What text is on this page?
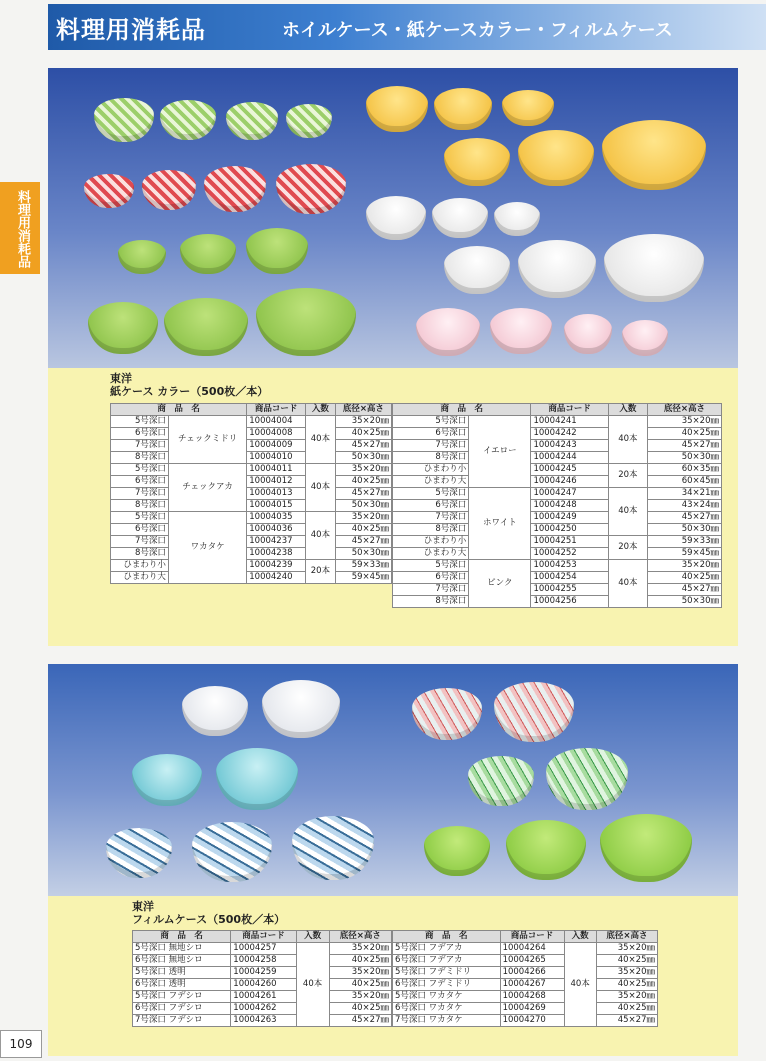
料理用消耗品	ホイルケース・紙ケースカラー・フィルムケース
料理用消耗品
東洋
紙ケース カラー（500枚／本）
商　品　名		商品コード	入数	底径×高さ
5号深口	チェックミドリ	10004004	40本	35×20㎜
6号深口		10004008		40×25㎜
7号深口		10004009		45×27㎜
8号深口		10004010		50×30㎜
5号深口	チェックアカ	10004011	40本	35×20㎜
6号深口		10004012		40×25㎜
7号深口		10004013		45×27㎜
8号深口		10004015		50×30㎜
5号深口	ワカタケ	10004035	40本	35×20㎜
6号深口		10004036		40×25㎜
7号深口		10004237		45×27㎜
8号深口		10004238		50×30㎜
ひまわり小		10004239	20本	59×33㎜
ひまわり大		10004240		59×45㎜
商　品　名		商品コード	入数	底径×高さ
5号深口	イエロー	10004241	40本	35×20㎜
6号深口		10004242		40×25㎜
7号深口		10004243		45×27㎜
8号深口		10004244		50×30㎜
ひまわり小		10004245	20本	60×35㎜
ひまわり大		10004246		60×45㎜
5号深口	ホワイト	10004247	40本	34×21㎜
6号深口		10004248		43×24㎜
7号深口		10004249		45×27㎜
8号深口		10004250		50×30㎜
ひまわり小		10004251	20本	59×33㎜
ひまわり大		10004252		59×45㎜
5号深口	ピンク	10004253	40本	35×20㎜
6号深口		10004254		40×25㎜
7号深口		10004255		45×27㎜
8号深口		10004256		50×30㎜
東洋
フィルムケース（500枚／本）
商　品　名	商品コード	入数	底径×高さ
5号深口 無地シロ	10004257	40本	35×20㎜
6号深口 無地シロ	10004258		40×25㎜
5号深口 透明	10004259		35×20㎜
6号深口 透明	10004260		40×25㎜
5号深口 フデシロ	10004261		35×20㎜
6号深口 フデシロ	10004262		40×25㎜
7号深口 フデシロ	10004263		45×27㎜
商　品　名	商品コード	入数	底径×高さ
5号深口 フデアカ	10004264	40本	35×20㎜
6号深口 フデアカ	10004265		40×25㎜
5号深口 フデミドリ	10004266		35×20㎜
6号深口 フデミドリ	10004267		40×25㎜
5号深口 ワカタケ	10004268		35×20㎜
6号深口 ワカタケ	10004269		40×25㎜
7号深口 ワカタケ	10004270		45×27㎜
109
